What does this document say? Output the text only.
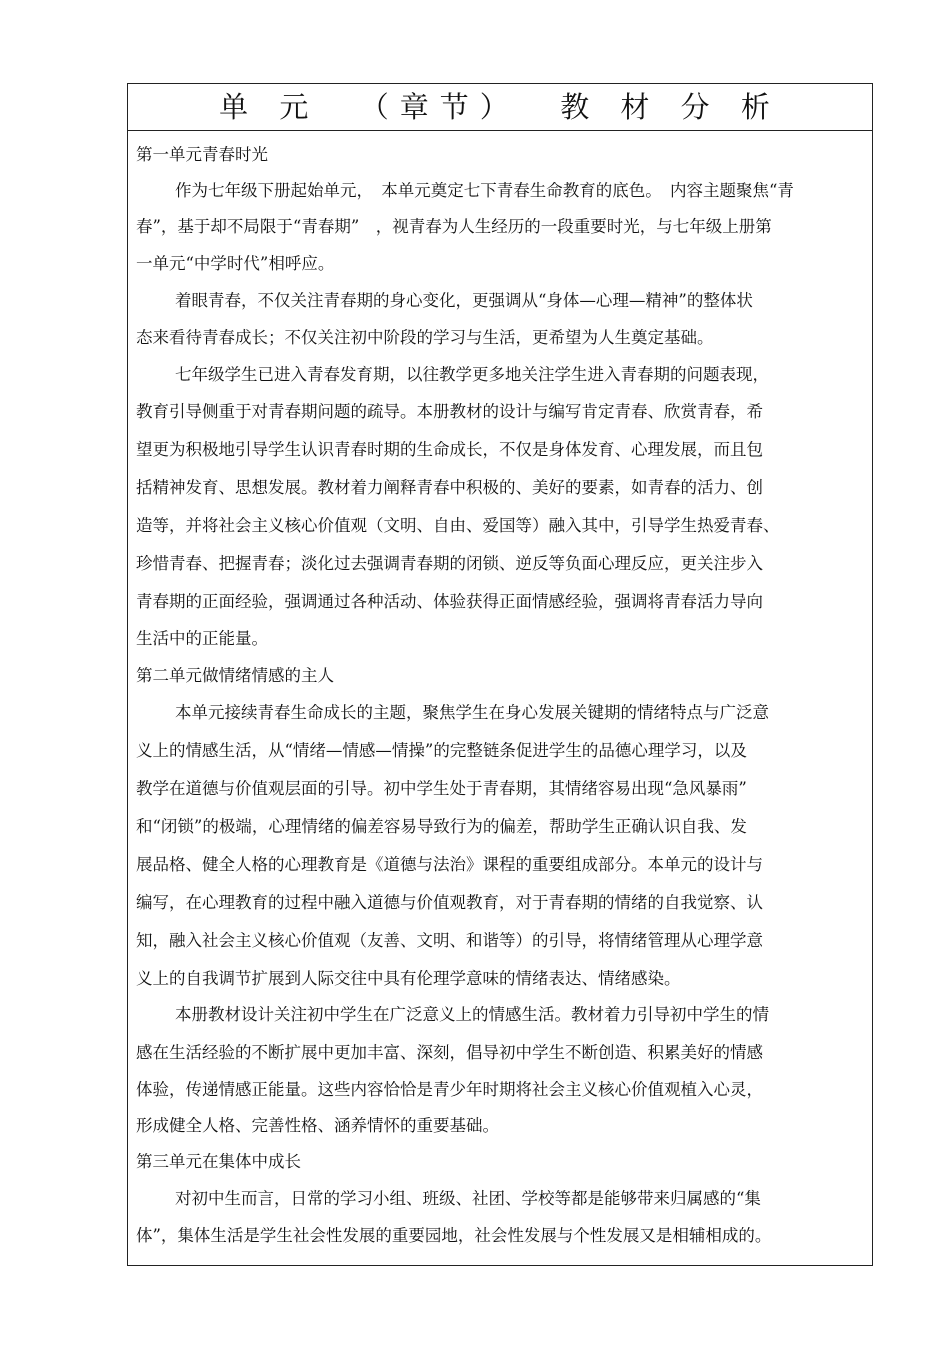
单 元  （章节）  教 材 分 析
第一单元青春时光
作为七年级下册起始单元，　本单元奠定七下青春生命教育的底色。　内容主题聚焦“青
春”，基于却不局限于“青春期”　，视青春为人生经历的一段重要时光，与七年级上册第
一单元“中学时代”相呼应。
着眼青春，不仅关注青春期的身心变化，更强调从“身体—心理—精神”的整体状
态来看待青春成长；不仅关注初中阶段的学习与生活，更希望为人生奠定基础。
七年级学生已进入青春发育期，以往教学更多地关注学生进入青春期的问题表现，
教育引导侧重于对青春期问题的疏导。本册教材的设计与编写肯定青春、欣赏青春，希
望更为积极地引导学生认识青春时期的生命成长，不仅是身体发育、心理发展，而且包
括精神发育、思想发展。教材着力阐释青春中积极的、美好的要素，如青春的活力、创
造等，并将社会主义核心价值观（文明、自由、爱国等）融入其中，引导学生热爱青春、
珍惜青春、把握青春；淡化过去强调青春期的闭锁、逆反等负面心理反应，更关注步入
青春期的正面经验，强调通过各种活动、体验获得正面情感经验，强调将青春活力导向
生活中的正能量。
第二单元做情绪情感的主人
本单元接续青春生命成长的主题，聚焦学生在身心发展关键期的情绪特点与广泛意
义上的情感生活，从“情绪—情感—情操”的完整链条促进学生的品德心理学习，以及
教学在道德与价值观层面的引导。初中学生处于青春期，其情绪容易出现“急风暴雨”
和“闭锁”的极端，心理情绪的偏差容易导致行为的偏差，帮助学生正确认识自我、发
展品格、健全人格的心理教育是《道德与法治》课程的重要组成部分。本单元的设计与
编写，在心理教育的过程中融入道德与价值观教育，对于青春期的情绪的自我觉察、认
知，融入社会主义核心价值观（友善、文明、和谐等）的引导，将情绪管理从心理学意
义上的自我调节扩展到人际交往中具有伦理学意味的情绪表达、情绪感染。
本册教材设计关注初中学生在广泛意义上的情感生活。教材着力引导初中学生的情
感在生活经验的不断扩展中更加丰富、深刻，倡导初中学生不断创造、积累美好的情感
体验，传递情感正能量。这些内容恰恰是青少年时期将社会主义核心价值观植入心灵，
形成健全人格、完善性格、涵养情怀的重要基础。
第三单元在集体中成长
对初中生而言，日常的学习小组、班级、社团、学校等都是能够带来归属感的“集
体”，集体生活是学生社会性发展的重要园地，社会性发展与个性发展又是相辅相成的。
